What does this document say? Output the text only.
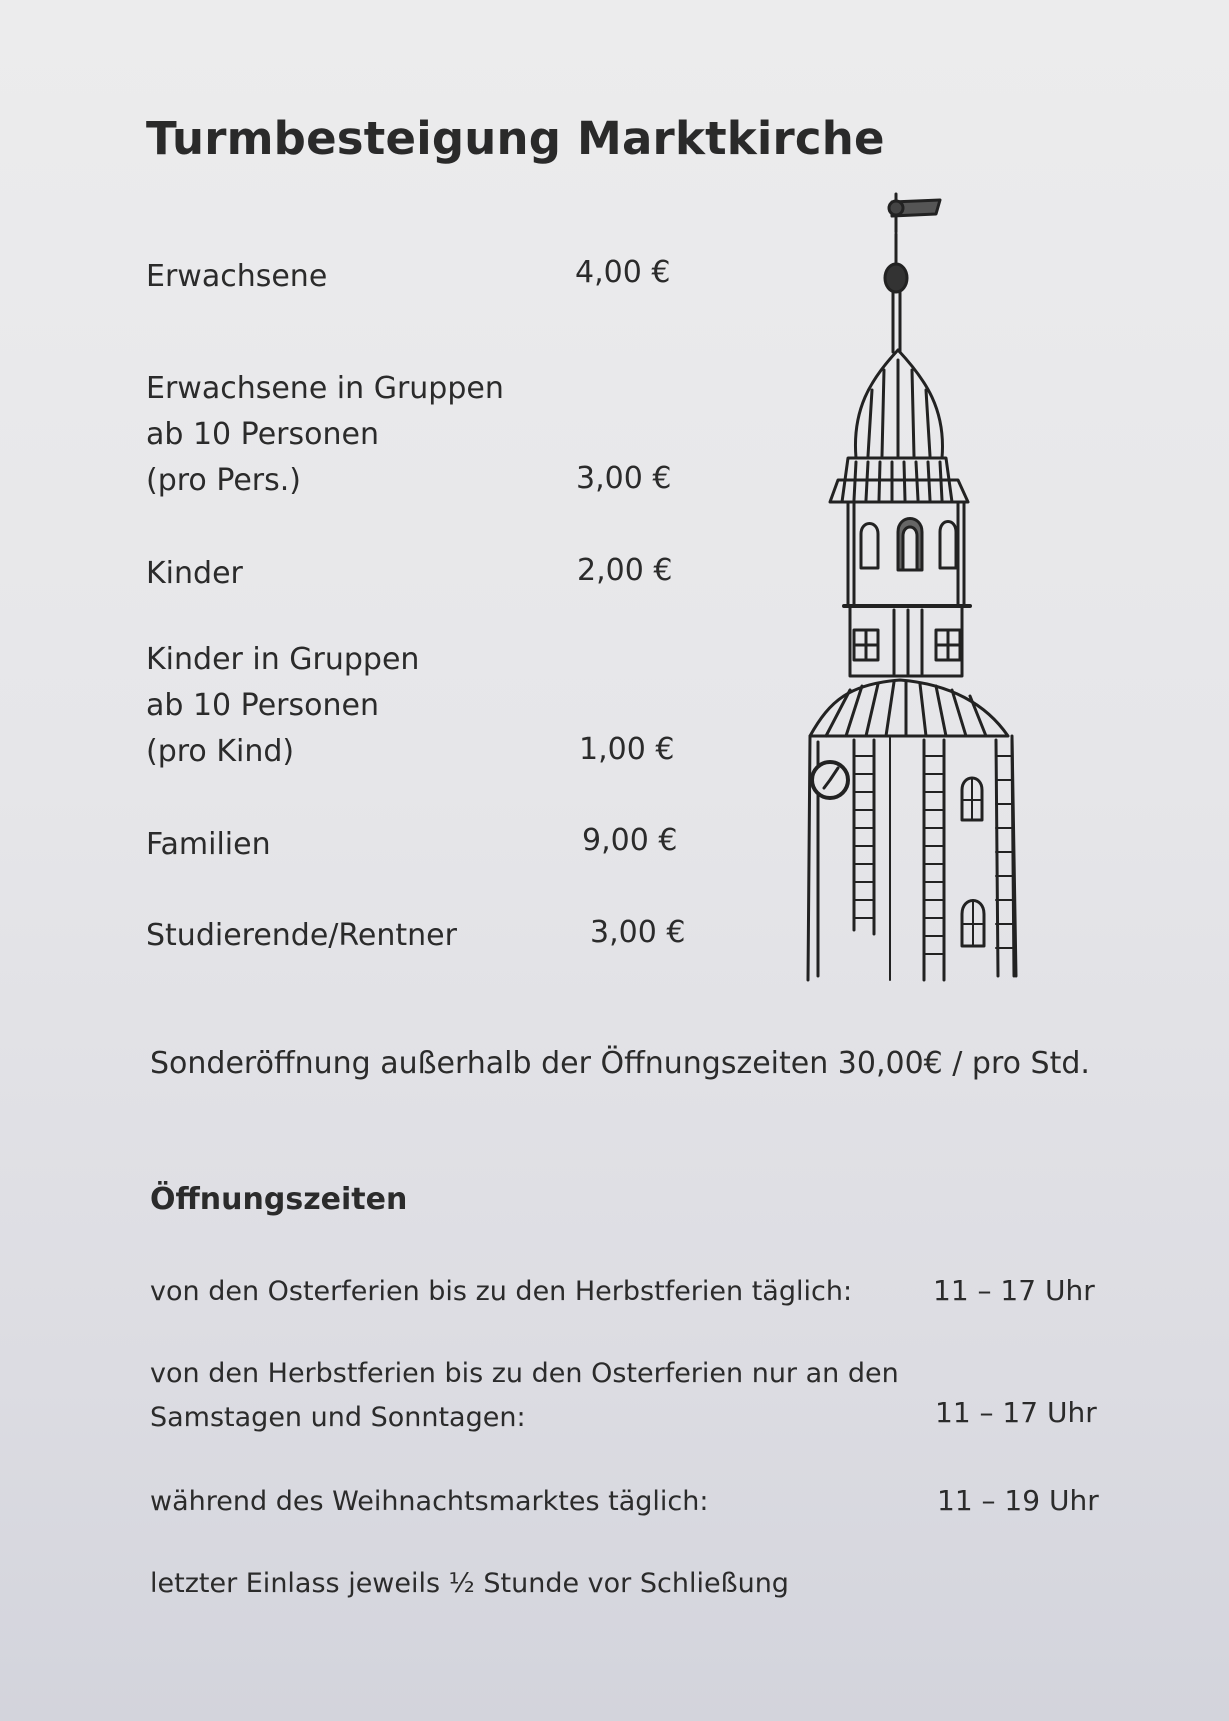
Turmbesteigung Marktkirche
Erwachsene	4,00 €
Erwachsene in Gruppen
ab 10 Personen
(pro Pers.)	3,00 €
Kinder	2,00 €
Kinder in Gruppen
ab 10 Personen
(pro Kind)	1,00 €
Familien	9,00 €
Studierende/Rentner	3,00 €
Sonderöffnung außerhalb der Öffnungszeiten 30,00€ / pro Std.
Öffnungszeiten
von den Osterferien bis zu den Herbstferien täglich:	11 – 17 Uhr
von den Herbstferien bis zu den Osterferien nur an den
Samstagen und Sonntagen:	11 – 17 Uhr
während des Weihnachtsmarktes täglich:	11 – 19 Uhr
letzter Einlass jeweils ½ Stunde vor Schließung
